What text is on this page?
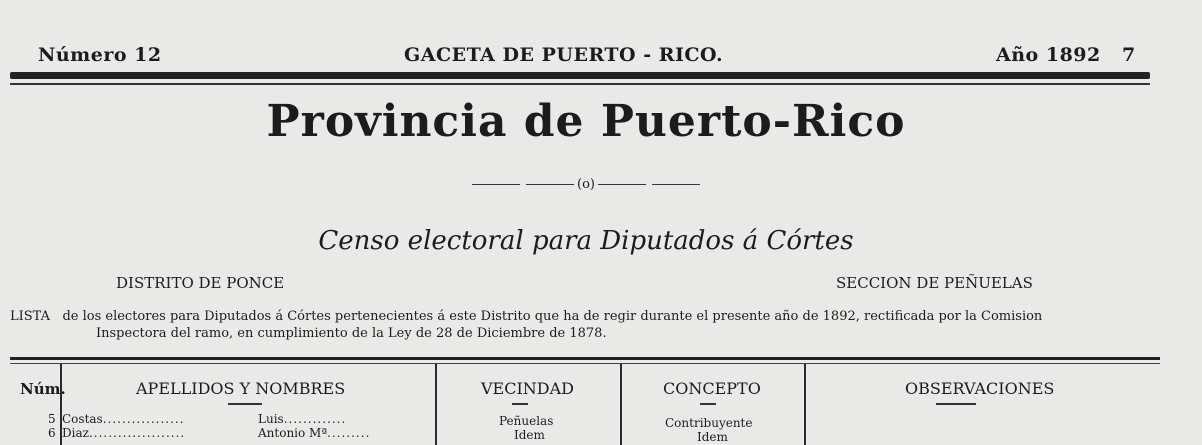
Número 12	GACETA DE PUERTO - RICO.	Año 1892 7
Provincia de Puerto-Rico
(o)
Censo electoral para Diputados á Córtes
DISTRITO DE PONCE	SECCION DE PEÑUELAS
LISTA de los electores para Diputados á Córtes pertenecientes á este Distrito que ha de regir durante el presente año de 1892, rectificada por la Comision
Inspectora del ramo, en cumplimiento de la Ley de 28 de Diciembre de 1878.
Núm.	APELLIDOS Y NOMBRES	VECINDAD	CONCEPTO	OBSERVACIONES
5 Costas.................	Luis.............	Peñuelas	Contribuyente
6 Diaz....................	Antonio Mª.........	Idem	Idem
